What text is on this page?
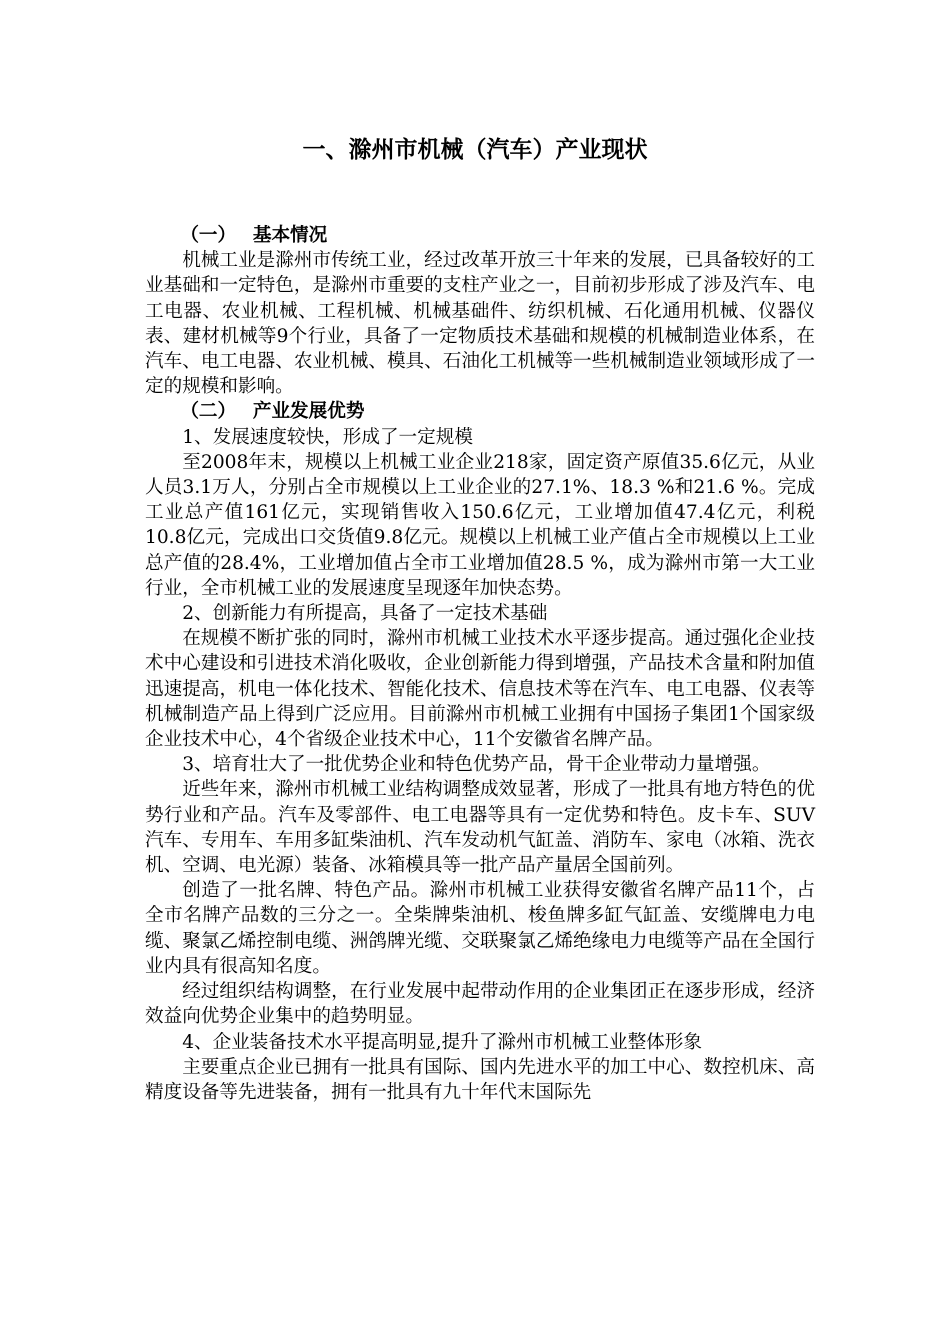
一、滁州市机械（汽车）产业现状
（一） 基本情况

机械工业是滁州市传统工业，经过改革开放三十年来的发展，已具备较好的工业基础和一定特色，是滁州市重要的支柱产业之一，目前初步形成了涉及汽车、电工电器、农业机械、工程机械、机械基础件、纺织机械、石化通用机械、仪器仪表、建材机械等9个行业，具备了一定物质技术基础和规模的机械制造业体系，在汽车、电工电器、农业机械、模具、石油化工机械等一些机械制造业领域形成了一定的规模和影响。

（二） 产业发展优势
1、发展速度较快，形成了一定规模

至2008年末，规模以上机械工业企业218家，固定资产原值35.6亿元，从业人员3.1万人，分别占全市规模以上工业企业的27.1%、18.3 %和21.6 %。完成工业总产值161亿元，实现销售收入150.6亿元，工业增加值47.4亿元，利税10.8亿元，完成出口交货值9.8亿元。规模以上机械工业产值占全市规模以上工业总产值的28.4%，工业增加值占全市工业增加值28.5 %，成为滁州市第一大工业行业，全市机械工业的发展速度呈现逐年加快态势。

2、创新能力有所提高，具备了一定技术基础

在规模不断扩张的同时，滁州市机械工业技术水平逐步提高。通过强化企业技术中心建设和引进技术消化吸收，企业创新能力得到增强，产品技术含量和附加值迅速提高，机电一体化技术、智能化技术、信息技术等在汽车、电工电器、仪表等机械制造产品上得到广泛应用。目前滁州市机械工业拥有中国扬子集团1个国家级企业技术中心，4个省级企业技术中心，11个安徽省名牌产品。

3、培育壮大了一批优势企业和特色优势产品，骨干企业带动力量增强。

近些年来，滁州市机械工业结构调整成效显著，形成了一批具有地方特色的优势行业和产品。汽车及零部件、电工电器等具有一定优势和特色。皮卡车、SUV汽车、专用车、车用多缸柴油机、汽车发动机气缸盖、消防车、家电（冰箱、洗衣机、空调、电光源）装备、冰箱模具等一批产品产量居全国前列。

创造了一批名牌、特色产品。滁州市机械工业获得安徽省名牌产品11个，占全市名牌产品数的三分之一。全柴牌柴油机、梭鱼牌多缸气缸盖、安缆牌电力电缆、聚氯乙烯控制电缆、洲鸽牌光缆、交联聚氯乙烯绝缘电力电缆等产品在全国行业内具有很高知名度。

经过组织结构调整，在行业发展中起带动作用的企业集团正在逐步形成，经济效益向优势企业集中的趋势明显。

4、企业装备技术水平提高明显,提升了滁州市机械工业整体形象

主要重点企业已拥有一批具有国际、国内先进水平的加工中心、数控机床、高精度设备等先进装备，拥有一批具有九十年代末国际先
